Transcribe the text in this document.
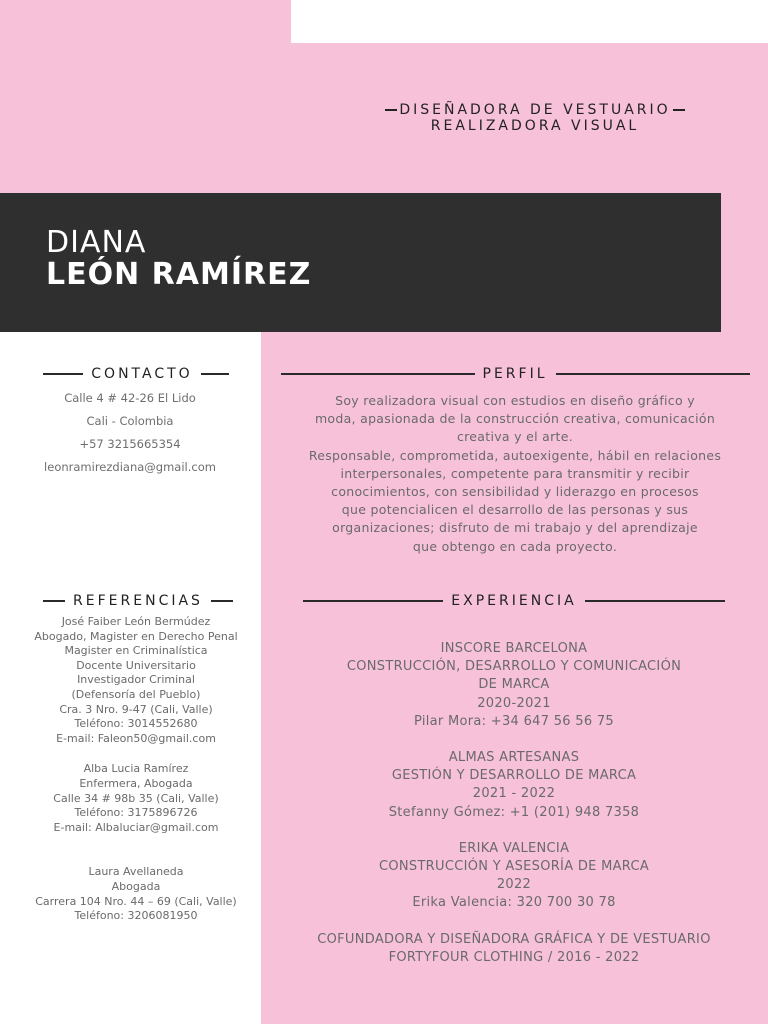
DISEÑADORA DE VESTUARIO
REALIZADORA VISUAL
DIANA
LEÓN RAMÍREZ
CONTACTO
Calle 4 # 42-26 El Lido
Cali - Colombia
+57 3215665354
leonramirezdiana@gmail.com
PERFIL
Soy realizadora visual con estudios en diseño gráfico y
moda, apasionada de la construcción creativa, comunicación
creativa y el arte.
Responsable, comprometida, autoexigente, hábil en relaciones
interpersonales, competente para transmitir y recibir
conocimientos, con sensibilidad y liderazgo en procesos
que potencialicen el desarrollo de las personas y sus
organizaciones; disfruto de mi trabajo y del aprendizaje
que obtengo en cada proyecto.
REFERENCIAS
José Faiber León Bermúdez
Abogado, Magister en Derecho Penal
Magister en Criminalística
Docente Universitario
Investigador Criminal
(Defensoría del Pueblo)
Cra. 3 Nro. 9-47 (Cali, Valle)
Teléfono: 3014552680
E-mail: Faleon50@gmail.com
Alba Lucia Ramírez
Enfermera, Abogada
Calle 34 # 98b 35 (Cali, Valle)
Teléfono: 3175896726
E-mail: Albaluciar@gmail.com
Laura Avellaneda
Abogada
Carrera 104 Nro. 44 – 69 (Cali, Valle)
Teléfono: 3206081950
EXPERIENCIA
INSCORE BARCELONA
CONSTRUCCIÓN, DESARROLLO Y COMUNICACIÓN
DE MARCA
2020-2021
Pilar Mora: +34 647 56 56 75
ALMAS ARTESANAS
GESTIÓN Y DESARROLLO DE MARCA
2021 - 2022
Stefanny Gómez: +1 (201) 948 7358
ERIKA VALENCIA
CONSTRUCCIÓN Y ASESORÍA DE MARCA
2022
Erika Valencia: 320 700 30 78
COFUNDADORA Y DISEÑADORA GRÁFICA Y DE VESTUARIO
FORTYFOUR CLOTHING / 2016 - 2022
